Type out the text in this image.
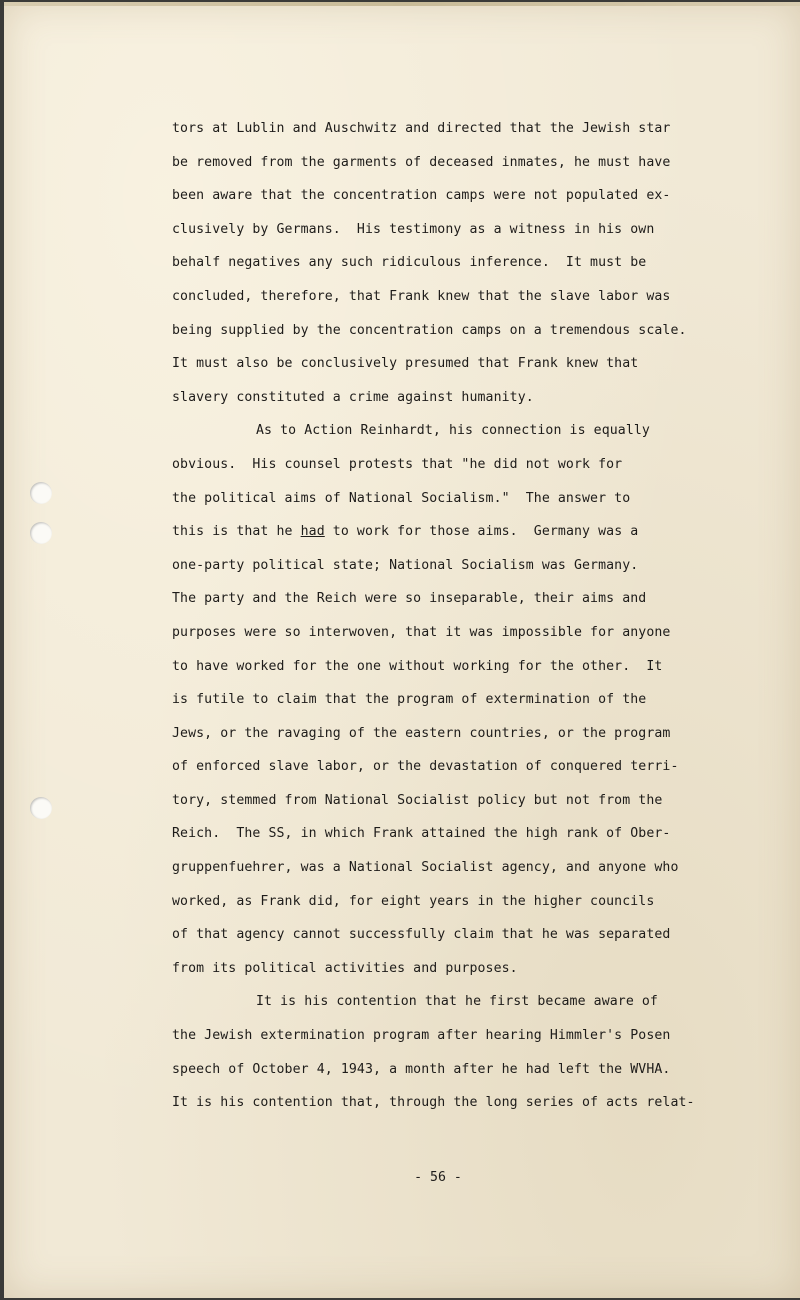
tors at Lublin and Auschwitz and directed that the Jewish star
be removed from the garments of deceased inmates, he must have
been aware that the concentration camps were not populated ex-
clusively by Germans.  His testimony as a witness in his own
behalf negatives any such ridiculous inference.  It must be
concluded, therefore, that Frank knew that the slave labor was
being supplied by the concentration camps on a tremendous scale.
It must also be conclusively presumed that Frank knew that
slavery constituted a crime against humanity.
As to Action Reinhardt, his connection is equally
obvious.  His counsel protests that "he did not work for
the political aims of National Socialism."  The answer to
this is that he had to work for those aims.  Germany was a
one-party political state; National Socialism was Germany.
The party and the Reich were so inseparable, their aims and
purposes were so interwoven, that it was impossible for anyone
to have worked for the one without working for the other.  It
is futile to claim that the program of extermination of the
Jews, or the ravaging of the eastern countries, or the program
of enforced slave labor, or the devastation of conquered terri-
tory, stemmed from National Socialist policy but not from the
Reich.  The SS, in which Frank attained the high rank of Ober-
gruppenfuehrer, was a National Socialist agency, and anyone who
worked, as Frank did, for eight years in the higher councils
of that agency cannot successfully claim that he was separated
from its political activities and purposes.
It is his contention that he first became aware of
the Jewish extermination program after hearing Himmler's Posen
speech of October 4, 1943, a month after he had left the WVHA.
It is his contention that, through the long series of acts relat-
- 56 -
